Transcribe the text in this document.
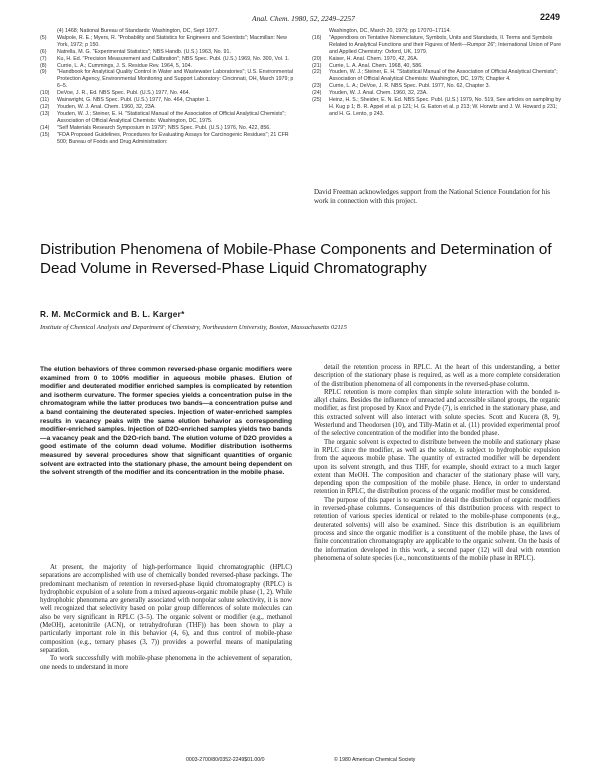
Anal. Chem. 1980, 52, 2249–2257	2249
(4) 1468; National Bureau of Standards: Washington, DC, Sept 1977.
(5)	Walpole, R. E.; Myers, R. "Probability and Statistics for Engineers and Scientists"; Macmillan: New York, 1972; p 150.
(6)	Natrella, M. G. "Experimental Statistics"; NBS Handb. (U.S.) 1963, No. 91.
(7)	Ku, H. Ed. "Precision Measurement and Calibration"; NBS Spec. Publ. (U.S.) 1969, No. 300, Vol. 1.
(8)	Currie, L. A.; Cummings, J. S. Residue Rev. 1964, 5, 104.
(9)	"Handbook for Analytical Quality Control in Water and Wastewater Laboratories"; U.S. Environmental Protection Agency, Environmental Monitoring and Support Laboratory: Cincinnati, OH, March 1979; p 6–5.
(10)	DeVoe, J. R., Ed. NBS Spec. Publ. (U.S.) 1977, No. 464.
(11)	Wainwright, G. NBS Spec. Publ. (U.S.) 1977, No. 464, Chapter 1.
(12)	Youden, W. J. Anal. Chem. 1960, 32, 23A.
(13)	Youden, W. J.; Steiner, E. H. "Statistical Manual of the Association of Official Analytical Chemists"; Association of Official Analytical Chemists: Washington, DC, 1975.
(14)	"Self Materials Research Symposium in 1979"; NBS Spec. Publ. (U.S.) 1976, No. 422, 856.
(15)	"FDA Proposed Guidelines, Procedures for Evaluating Assays for Carcinogenic Residues"; 21 CFR 500; Bureau of Foods and Drug Administration:
Washington, DC, March 20, 1979; pp 17070–17114.
(16)	"Appendixes on Tentative Nomenclature, Symbols, Units and Standards, II. Terms and Symbols Related to Analytical Functions and their Figures of Merit—Rumpor 26"; International Union of Pure and Applied Chemistry: Oxford, UK, 1979.
(20)	Kaiser, H. Anal. Chem. 1970, 42, 26A.
(21)	Currie, L. A. Anal. Chem. 1968, 40, 586.
(22)	Youden, W. J.; Steiner, E. H. "Statistical Manual of the Association of Official Analytical Chemists"; Association of Official Analytical Chemists: Washington, DC, 1975; Chapter 4.
(23)	Currie, L. A.; DeVoe, J. R. NBS Spec. Publ. 1977, No. 62, Chapter 3.
(24)	Youden, W. J. Anal. Chem. 1960, 32, 23A.
(25)	Heinz, H. S.; Sheider, E. N. Ed. NBS Spec. Publ. (U.S.) 1979, No. 519, See articles on sampling by H. Kug p 1; B. R. Appel et al. p 121; H. G. Eaton et al. p 213; W. Horwitz and J. W. Howard p 231; and H. G. Lento, p 243.

David Freeman acknowledges support from the National Science Foundation for his work in connection with this project.

Distribution Phenomena of Mobile-Phase Components and Determination of Dead Volume in Reversed-Phase Liquid Chromatography
R. M. McCormick and B. L. Karger*
Institute of Chemical Analysis and Department of Chemistry, Northeastern University, Boston, Massachusetts 02115

The elution behaviors of three common reversed-phase organic modifiers were examined from 0 to 100% modifier in aqueous mobile phases. Elution of modifier and deuterated modifier enriched samples is complicated by retention and isotherm curvature. The former species yields a concentration pulse in the chromatogram while the latter produces two bands—a concentration pulse and a band containing the deuterated species. Injection of water-enriched samples results in vacancy peaks with the same elution behavior as corresponding modifier-enriched samples. Injection of D2O-enriched samples yields two bands—a vacancy peak and the D2O-rich band. The elution volume of D2O provides a good estimate of the column dead volume. Modifier distribution isotherms measured by several procedures show that significant quantities of organic solvent are extracted into the stationary phase, the amount being dependent on the solvent strength of the modifier and its concentration in the mobile phase.

At present, the majority of high-performance liquid chromatographic (HPLC) separations are accomplished with use of chemically bonded reversed-phase packings. The predominant mechanism of retention in reversed-phase liquid chromatography (RPLC) is hydrophobic expulsion of a solute from a mixed aqueous-organic mobile phase (1, 2). While hydrophobic phenomena are generally associated with nonpolar solute selectivity, it is now well recognized that selectivity based on polar group differences of solute molecules can also be very significant in RPLC (3–5). The organic solvent or modifier (e.g., methanol (MeOH), acetonitrile (ACN), or tetrahydrofuran (THF)) has been shown to play a particularly important role in this behavior (4, 6), and thus control of mobile-phase composition (e.g., ternary phases (3, 7)) provides a powerful means of manipulating separation.

To work successfully with mobile-phase phenomena in the achievement of separation, one needs to understand in more

detail the retention process in RPLC. At the heart of this understanding, a better description of the stationary phase is required, as well as a more complete consideration of the distribution phenomena of all components in the reversed-phase column.

RPLC retention is more complex than simple solute interaction with the bonded n-alkyl chains. Besides the influence of unreacted and accessible silanol groups, the organic modifier, as first proposed by Knox and Pryde (7), is enriched in the stationary phase, and this extracted solvent will also interact with solute species. Scott and Kucera (8, 9), Westerlund and Theodorsen (10), and Tilly-Matin et al. (11) provided experimental proof of the selective concentration of the modifier into the bonded phase.

The organic solvent is expected to distribute between the mobile and stationary phase in RPLC since the modifier, as well as the solute, is subject to hydrophobic expulsion from the aqueous mobile phase. The quantity of extracted modifier will be dependent upon its solvent strength, and thus THF, for example, should extract to a much larger extent than MeOH. The composition and character of the stationary phase will vary, depending upon the composition of the mobile phase. Hence, in order to understand retention in RPLC, the distribution process of the organic modifier must be considered.

The purpose of this paper is to examine in detail the distribution of organic modifiers in reversed-phase columns. Consequences of this distribution process with respect to retention of various species identical or related to the mobile-phase components (e.g., deuterated solvents) will also be examined. Since this distribution is an equilibrium process and since the organic modifier is a constituent of the mobile phase, the laws of finite concentration chromatography are applicable to the organic solvent. On the basis of the information developed in this work, a second paper (12) will deal with retention phenomena of solute species (i.e., nonconstituents of the mobile phase in RPLC).

0003-2700/80/0352-2249$01.00/0	© 1980 American Chemical Society
